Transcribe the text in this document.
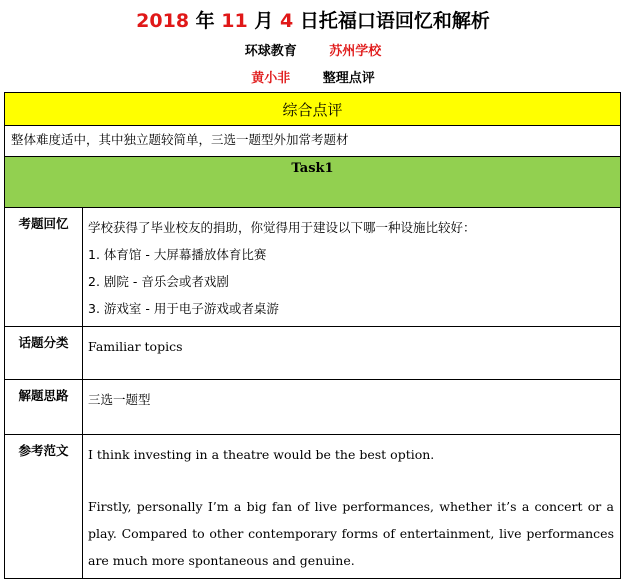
2018 年 11 月 4 日托福口语回忆和解析
环球教育	苏州学校
黄小非	整理点评
综合点评	
整体难度适中，其中独立题较简单，三选一题型外加常考题材	

Task1	

考题回忆	学校获得了毕业校友的捐助，你觉得用于建设以下哪一种设施比较好：

1. 体育馆 - 大屏幕播放体育比赛

2. 剧院 - 音乐会或者戏剧

3. 游戏室 - 用于电子游戏或者桌游

话题分类	Familiar topics

解题思路	三选一题型

参考范文	I think investing in a theatre would be the best option.

Firstly, personally I’m a big fan of live performances, whether it’s a concert or a play. Compared to other contemporary forms of entertainment, live performances are much more spontaneous and genuine.
